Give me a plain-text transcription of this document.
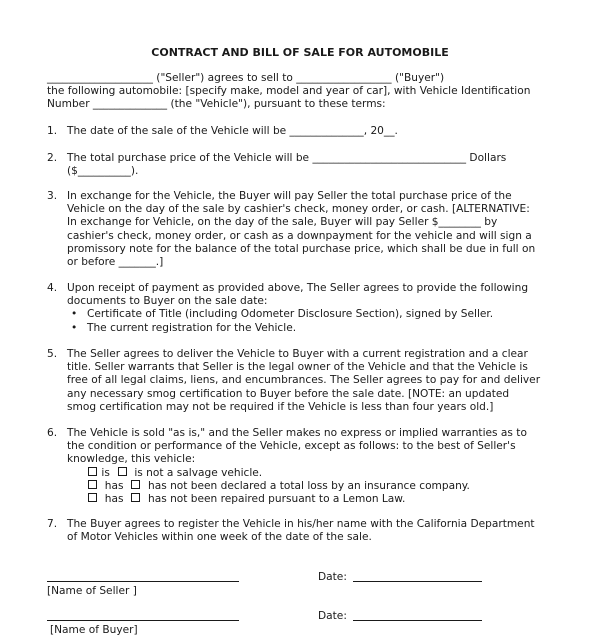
CONTRACT AND BILL OF SALE FOR AUTOMOBILE
____________________ ("Seller") agrees to sell to __________________ ("Buyer")
the following automobile: [specify make, model and year of car], with Vehicle Identification
Number ______________ (the "Vehicle"), pursuant to these terms:
1. The date of the sale of the Vehicle will be ______________, 20__.
2. The total purchase price of the Vehicle will be _____________________________ Dollars
($__________).
3. In exchange for the Vehicle, the Buyer will pay Seller the total purchase price of the
Vehicle on the day of the sale by cashier's check, money order, or cash. [ALTERNATIVE:
In exchange for Vehicle, on the day of the sale, Buyer will pay Seller $________ by
cashier's check, money order, or cash as a downpayment for the vehicle and will sign a
promissory note for the balance of the total purchase price, which shall be due in full on
or before _______.]
4. Upon receipt of payment as provided above, The Seller agrees to provide the following
documents to Buyer on the sale date:
• Certificate of Title (including Odometer Disclosure Section), signed by Seller.
• The current registration for the Vehicle.
5. The Seller agrees to deliver the Vehicle to Buyer with a current registration and a clear
title. Seller warrants that Seller is the legal owner of the Vehicle and that the Vehicle is
free of all legal claims, liens, and encumbrances. The Seller agrees to pay for and deliver
any necessary smog certification to Buyer before the sale date. [NOTE: an updated
smog certification may not be required if the Vehicle is less than four years old.]
6. The Vehicle is sold "as is," and the Seller makes no express or implied warranties as to
the condition or performance of the Vehicle, except as follows: to the best of Seller's
knowledge, this vehicle:
is is not a salvage vehicle.
has has not been declared a total loss by an insurance company.
has has not been repaired pursuant to a Lemon Law.
7. The Buyer agrees to register the Vehicle in his/her name with the California Department
of Motor Vehicles within one week of the date of the sale.
Date:
[Name of Seller ]
Date:
[Name of Buyer]
